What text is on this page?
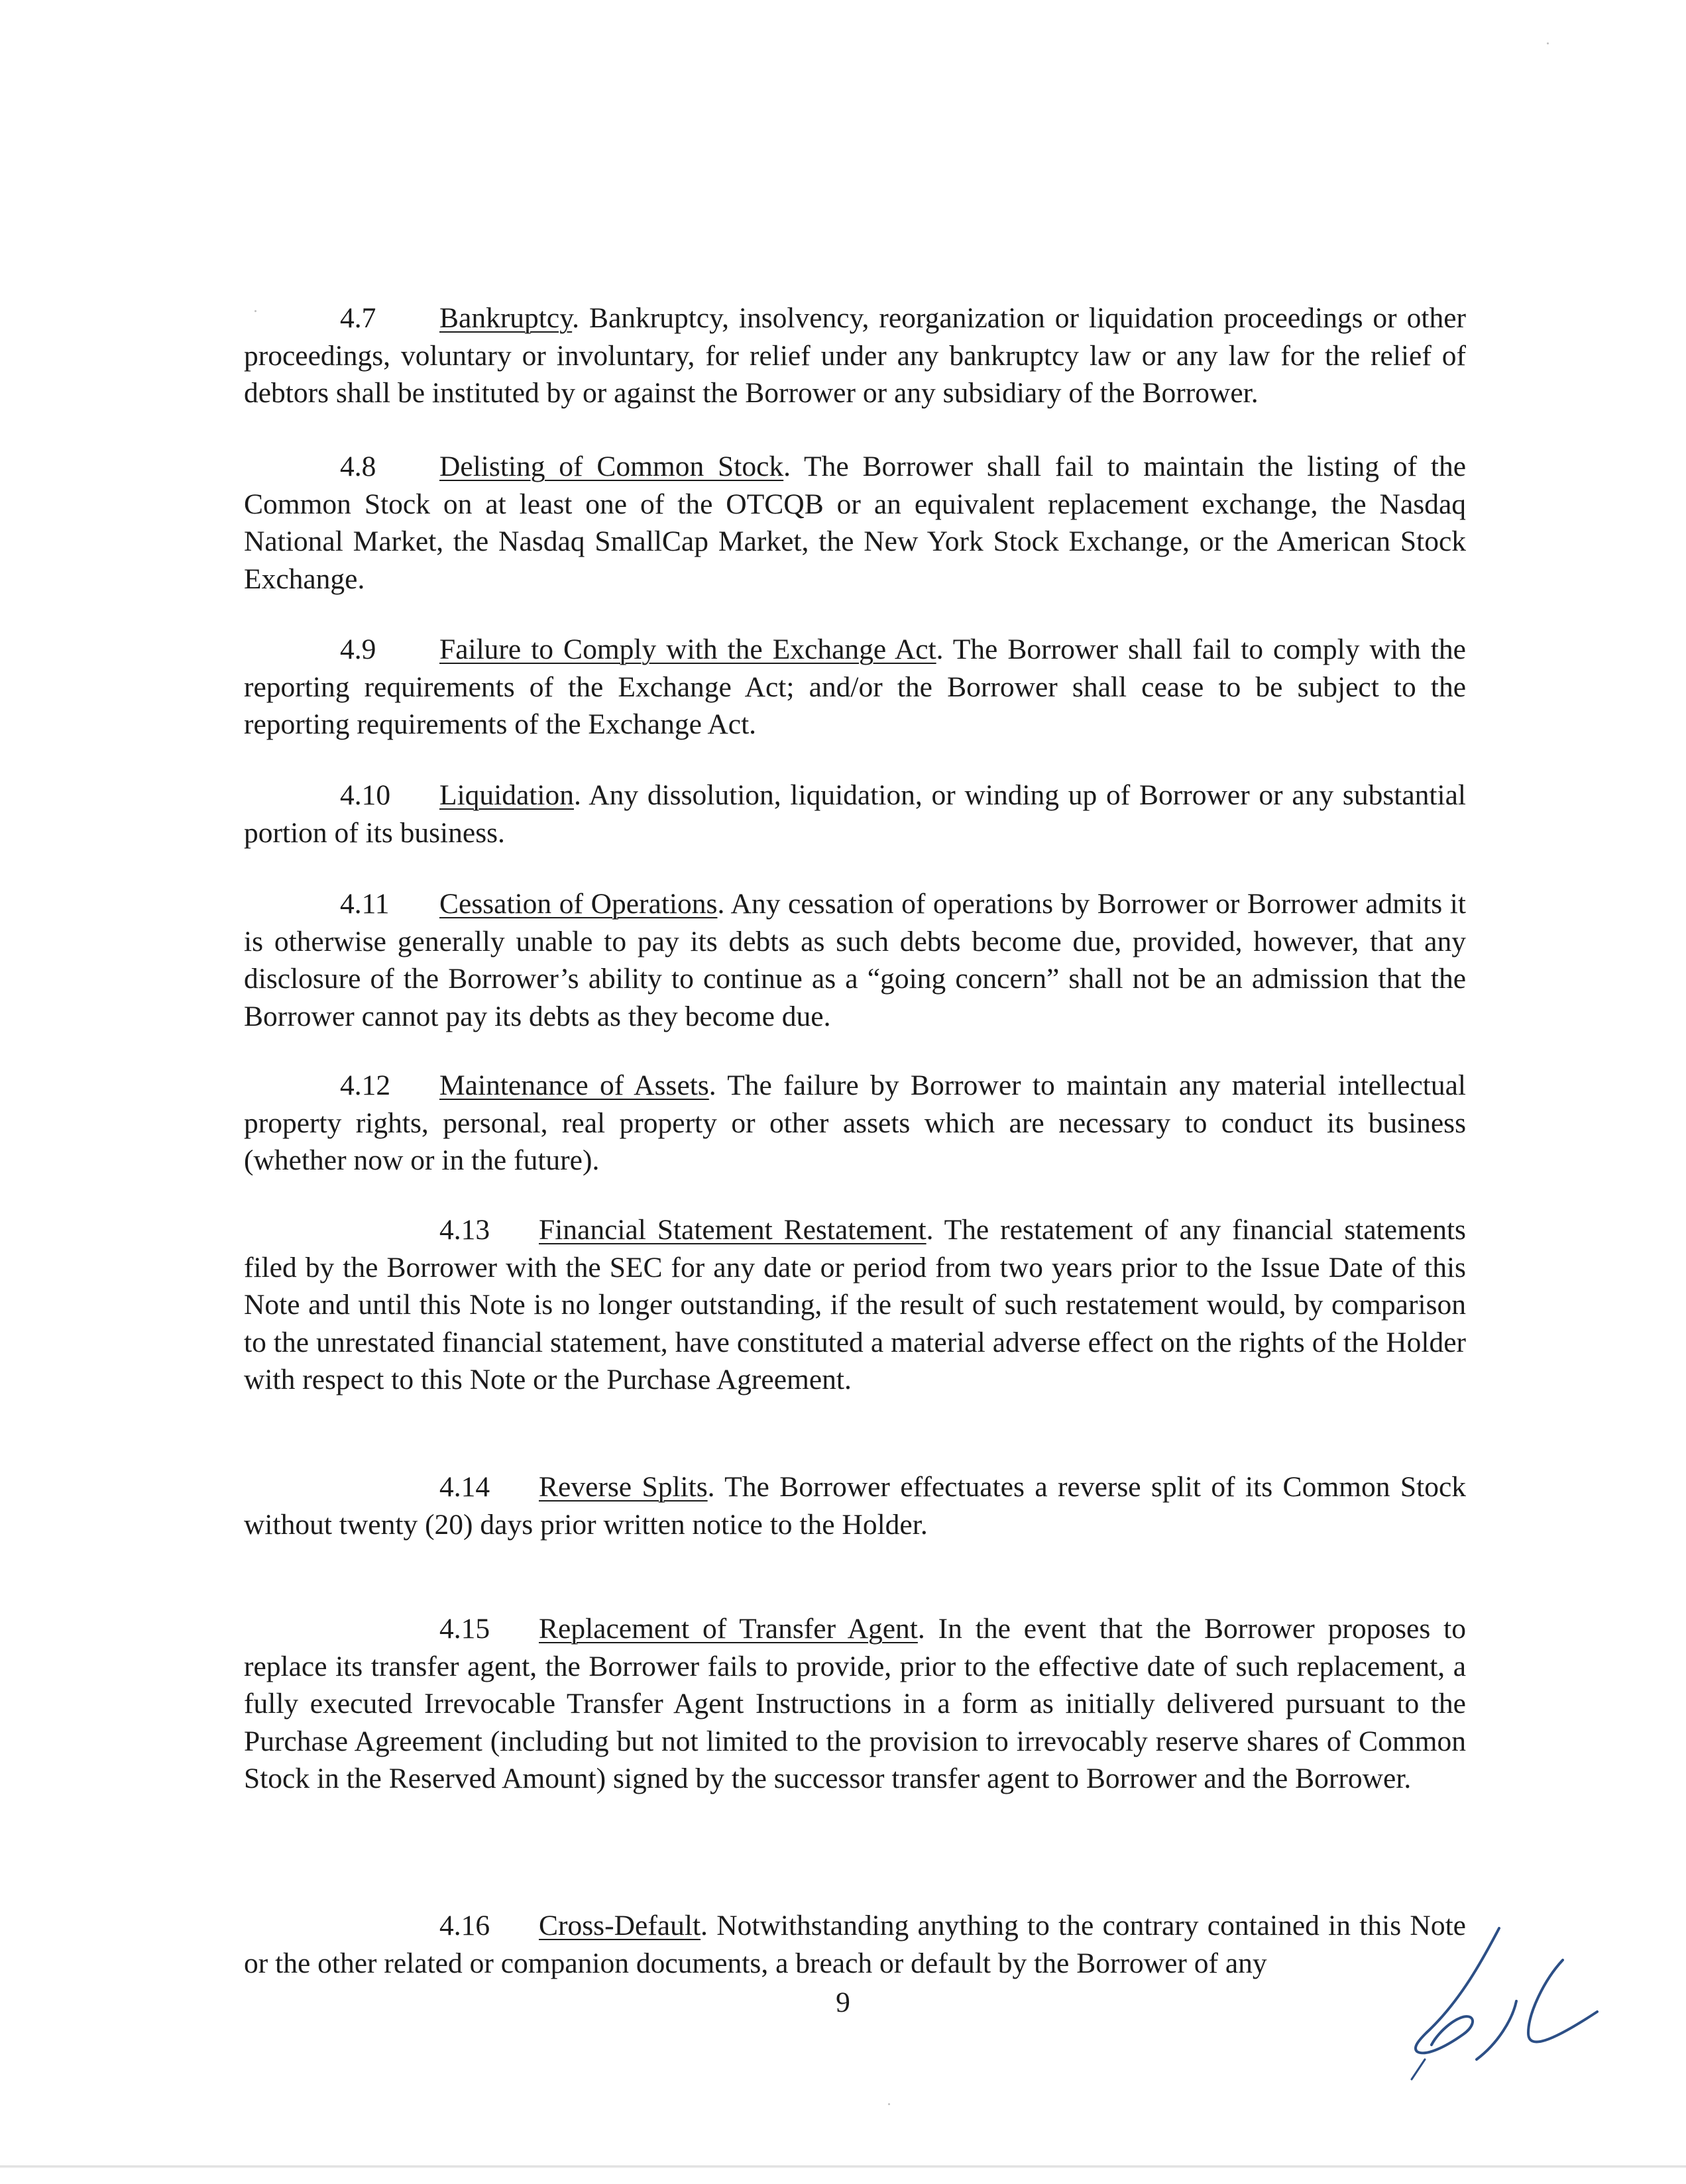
4.7 Bankruptcy. Bankruptcy, insolvency, reorganization or liquidation proceedings or other proceedings, voluntary or involuntary, for relief under any bankruptcy law or any law for the relief of debtors shall be instituted by or against the Borrower or any subsidiary of the Borrower.

4.8 Delisting of Common Stock. The Borrower shall fail to maintain the listing of the Common Stock on at least one of the OTCQB or an equivalent replacement exchange, the Nasdaq National Market, the Nasdaq SmallCap Market, the New York Stock Exchange, or the American Stock Exchange.

4.9 Failure to Comply with the Exchange Act. The Borrower shall fail to comply with the reporting requirements of the Exchange Act; and/or the Borrower shall cease to be subject to the reporting requirements of the Exchange Act.

4.10 Liquidation. Any dissolution, liquidation, or winding up of Borrower or any substantial portion of its business.

4.11 Cessation of Operations. Any cessation of operations by Borrower or Borrower admits it is otherwise generally unable to pay its debts as such debts become due, provided, however, that any disclosure of the Borrower’s ability to continue as a “going concern” shall not be an admission that the Borrower cannot pay its debts as they become due.

4.12 Maintenance of Assets. The failure by Borrower to maintain any material intellectual property rights, personal, real property or other assets which are necessary to conduct its business (whether now or in the future).

4.13 Financial Statement Restatement. The restatement of any financial statements filed by the Borrower with the SEC for any date or period from two years prior to the Issue Date of this Note and until this Note is no longer outstanding, if the result of such restatement would, by comparison to the unrestated financial statement, have constituted a material adverse effect on the rights of the Holder with respect to this Note or the Purchase Agreement.

4.14 Reverse Splits. The Borrower effectuates a reverse split of its Common Stock without twenty (20) days prior written notice to the Holder.

4.15 Replacement of Transfer Agent. In the event that the Borrower proposes to replace its transfer agent, the Borrower fails to provide, prior to the effective date of such replacement, a fully executed Irrevocable Transfer Agent Instructions in a form as initially delivered pursuant to the Purchase Agreement (including but not limited to the provision to irrevocably reserve shares of Common Stock in the Reserved Amount) signed by the successor transfer agent to Borrower and the Borrower.

4.16 Cross-Default. Notwithstanding anything to the contrary contained in this Note or the other related or companion documents, a breach or default by the Borrower of any

9
